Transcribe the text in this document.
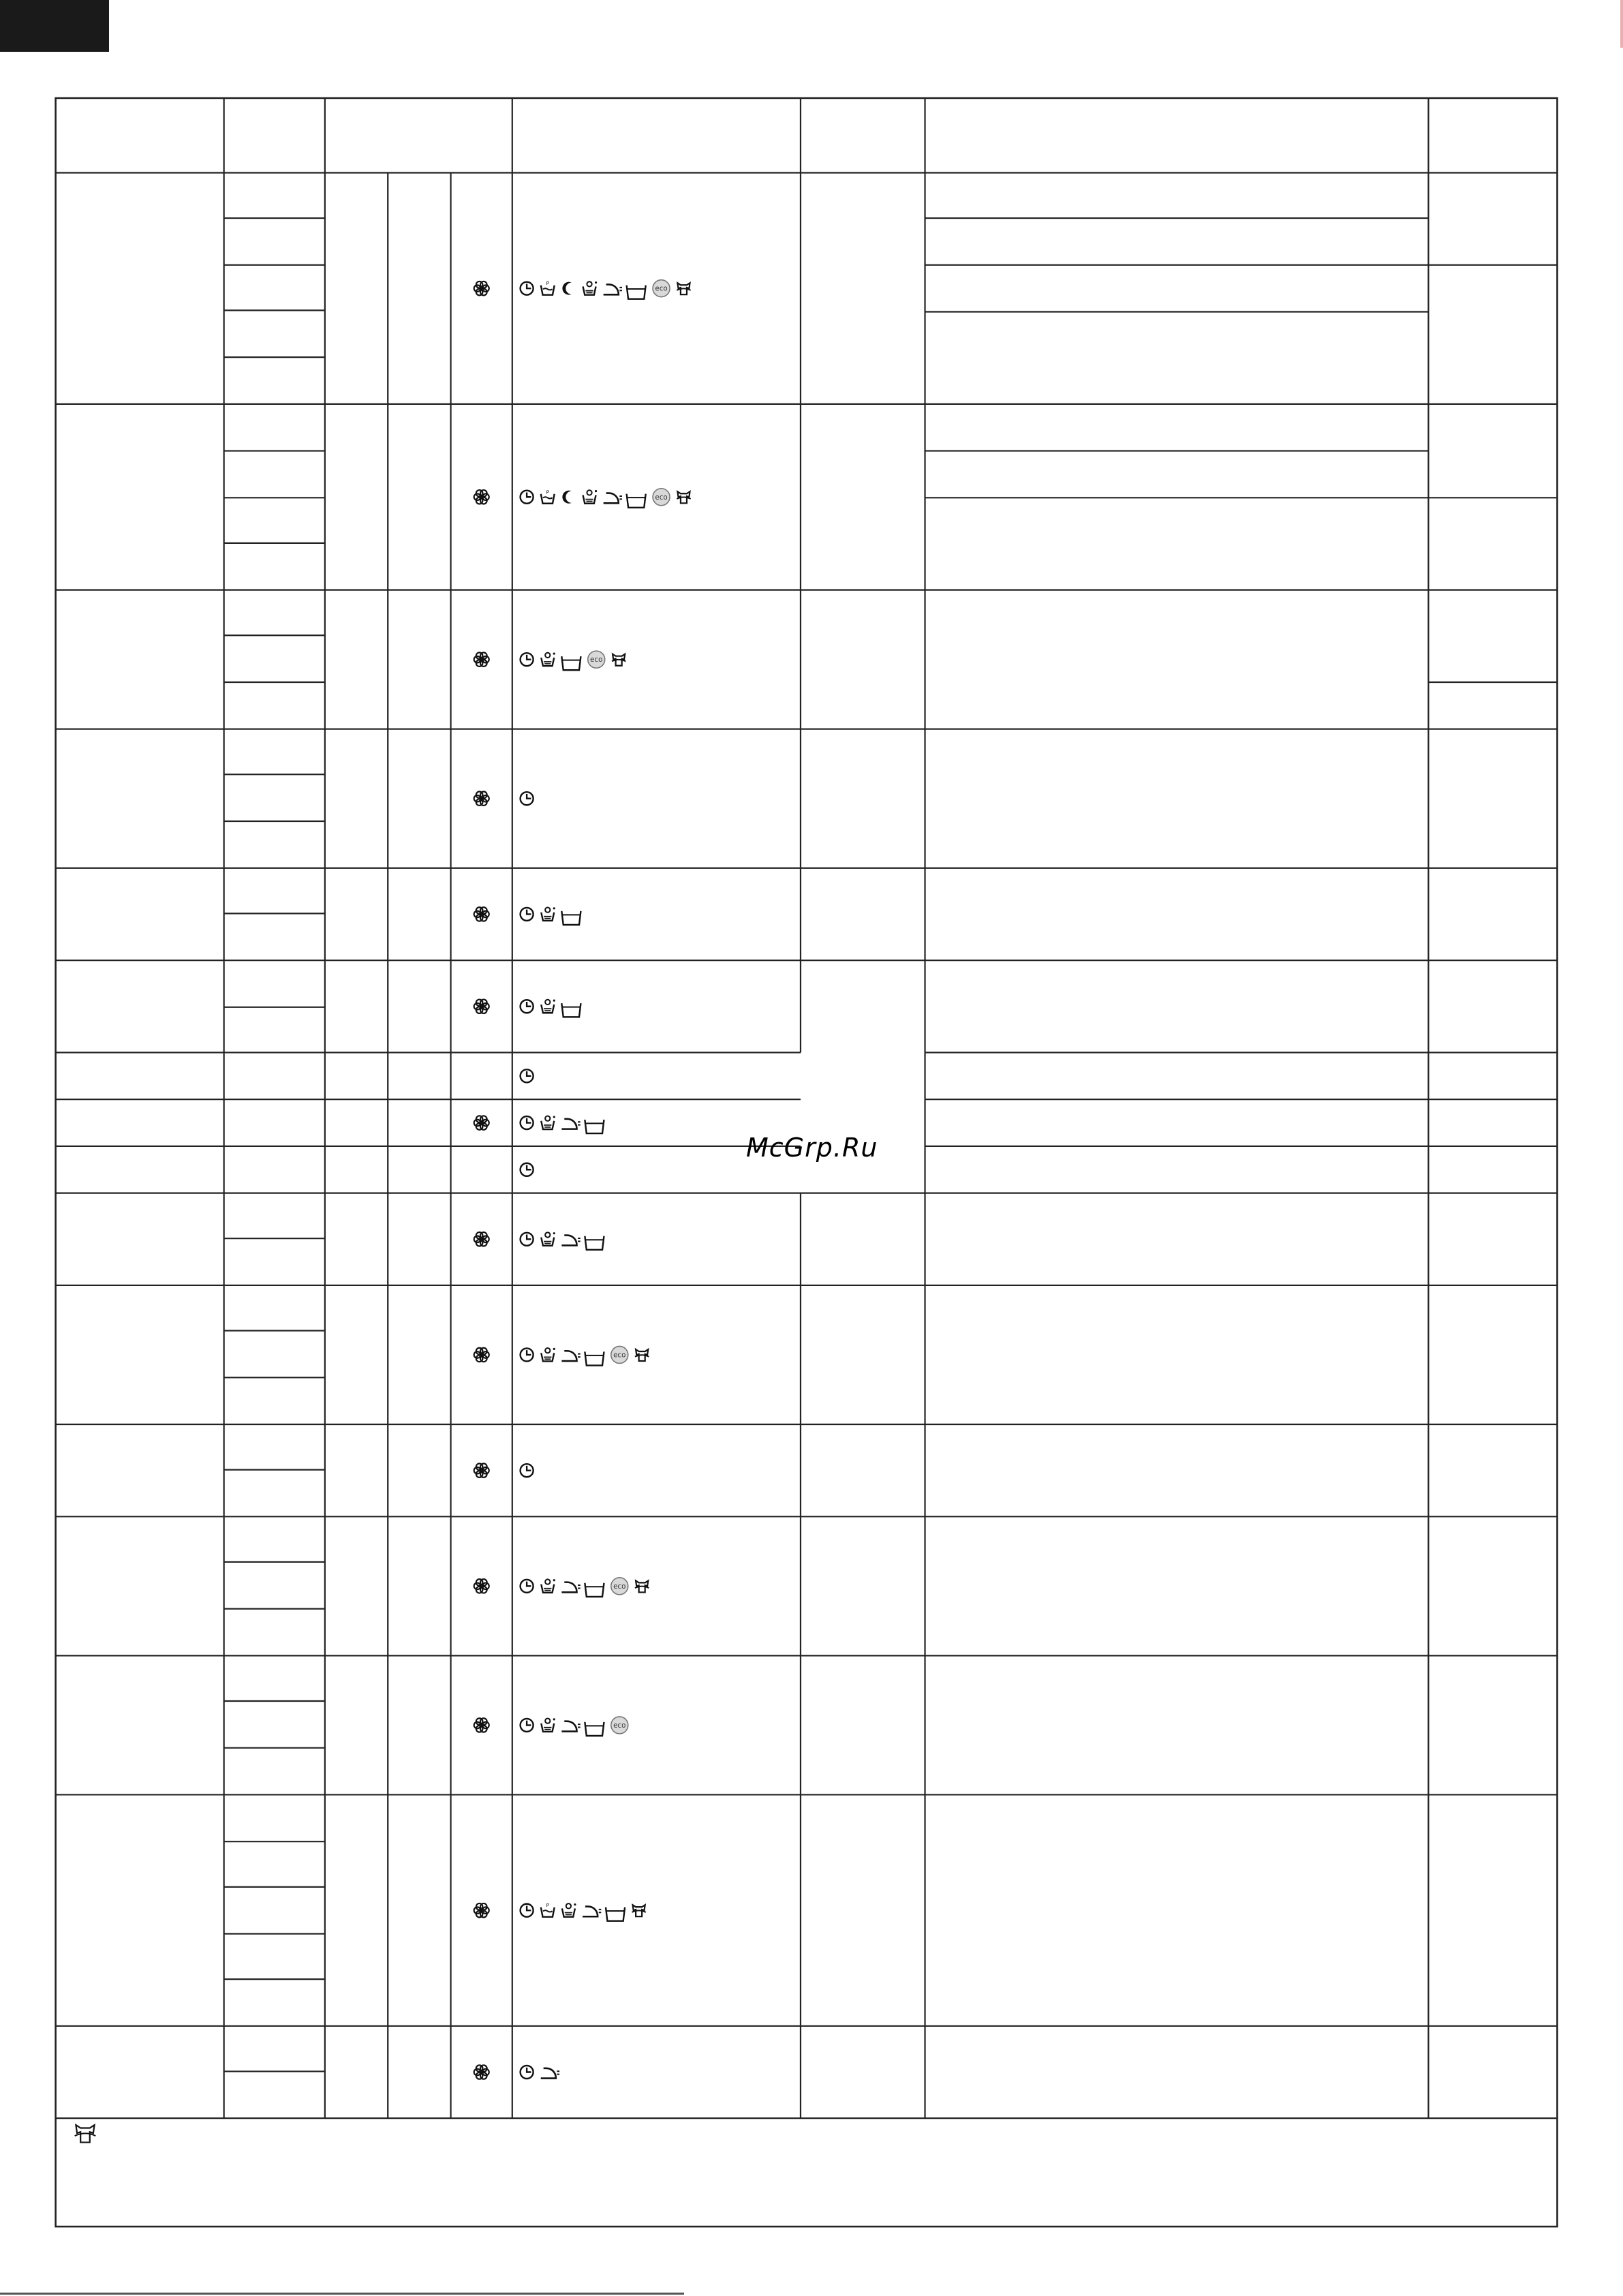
P
eco
P
eco
eco
eco
eco
eco
P
McGrp.Ru
